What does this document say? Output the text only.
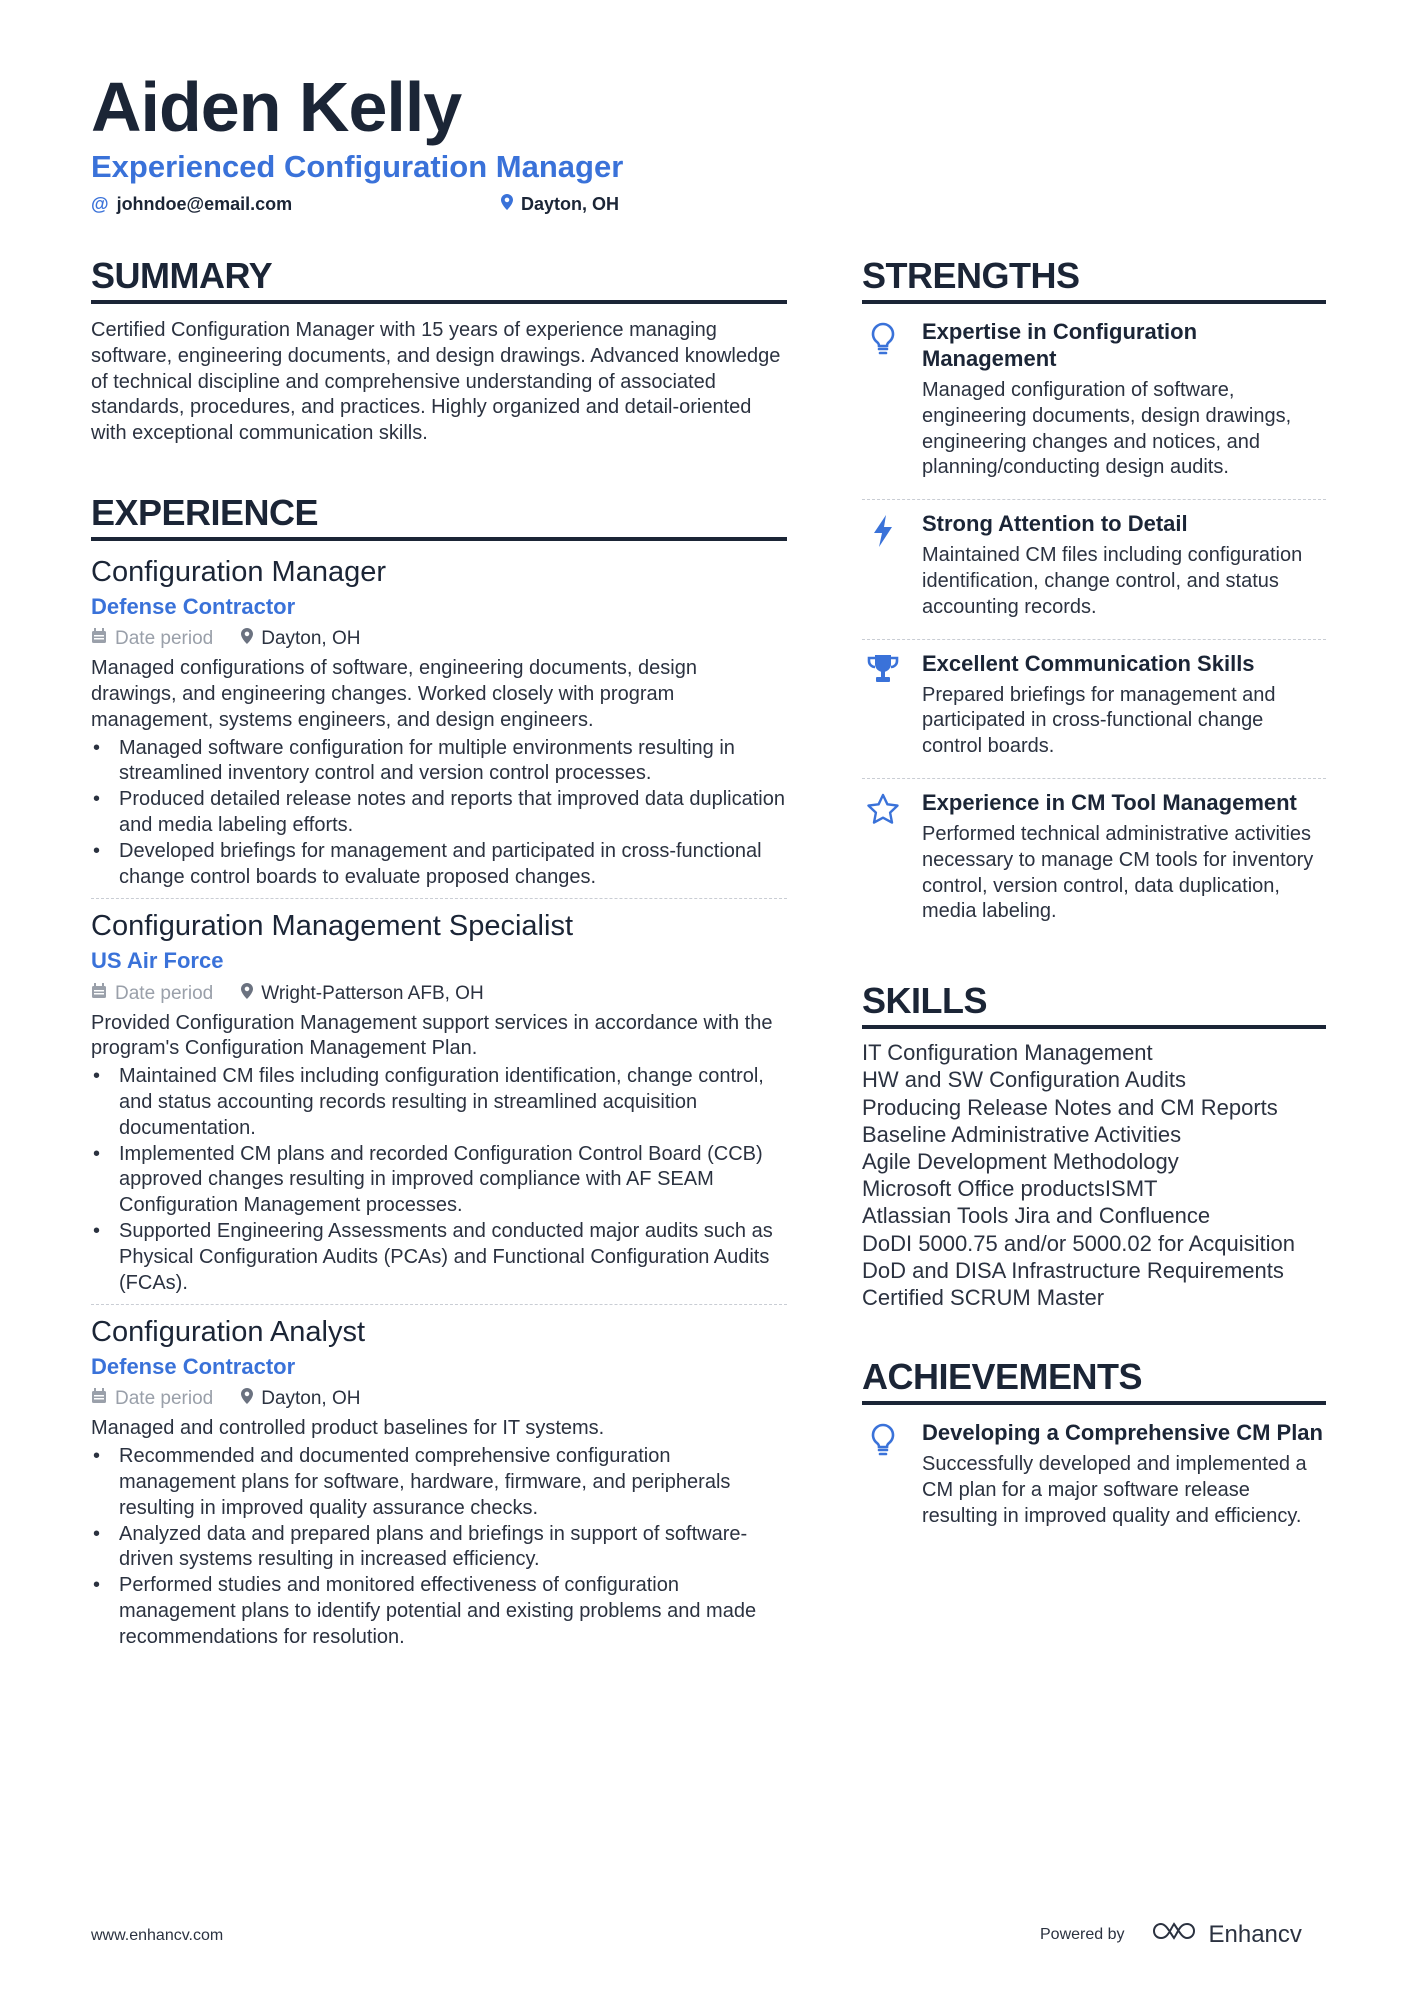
Aiden Kelly
Experienced Configuration Manager
@ johndoe@email.com	Dayton, OH
SUMMARY
Certified Configuration Manager with 15 years of experience managing software, engineering documents, and design drawings. Advanced knowledge of technical discipline and comprehensive understanding of associated standards, procedures, and practices. Highly organized and detail-oriented with exceptional communication skills.
EXPERIENCE
Configuration Manager
Defense Contractor
Date period	Dayton, OH
Managed configurations of software, engineering documents, design drawings, and engineering changes. Worked closely with program management, systems engineers, and design engineers.
• Managed software configuration for multiple environments resulting in streamlined inventory control and version control processes.
• Produced detailed release notes and reports that improved data duplication and media labeling efforts.
• Developed briefings for management and participated in cross-functional change control boards to evaluate proposed changes.
Configuration Management Specialist
US Air Force
Date period	Wright-Patterson AFB, OH
Provided Configuration Management support services in accordance with the program's Configuration Management Plan.
• Maintained CM files including configuration identification, change control, and status accounting records resulting in streamlined acquisition documentation.
• Implemented CM plans and recorded Configuration Control Board (CCB) approved changes resulting in improved compliance with AF SEAM Configuration Management processes.
• Supported Engineering Assessments and conducted major audits such as Physical Configuration Audits (PCAs) and Functional Configuration Audits (FCAs).
Configuration Analyst
Defense Contractor
Date period	Dayton, OH
Managed and controlled product baselines for IT systems.
• Recommended and documented comprehensive configuration management plans for software, hardware, firmware, and peripherals resulting in improved quality assurance checks.
• Analyzed data and prepared plans and briefings in support of software-driven systems resulting in increased efficiency.
• Performed studies and monitored effectiveness of configuration management plans to identify potential and existing problems and made recommendations for resolution.
STRENGTHS
Expertise in Configuration Management
Managed configuration of software, engineering documents, design drawings, engineering changes and notices, and planning/conducting design audits.
Strong Attention to Detail
Maintained CM files including configuration identification, change control, and status accounting records.
Excellent Communication Skills
Prepared briefings for management and participated in cross-functional change control boards.
Experience in CM Tool Management
Performed technical administrative activities necessary to manage CM tools for inventory control, version control, data duplication, media labeling.
SKILLS
IT Configuration Management
HW and SW Configuration Audits
Producing Release Notes and CM Reports
Baseline Administrative Activities
Agile Development Methodology
Microsoft Office productsISMT
Atlassian Tools Jira and Confluence
DoDI 5000.75 and/or 5000.02 for Acquisition
DoD and DISA Infrastructure Requirements
Certified SCRUM Master
ACHIEVEMENTS
Developing a Comprehensive CM Plan
Successfully developed and implemented a CM plan for a major software release resulting in improved quality and efficiency.
www.enhancv.com	Powered by	Enhancv
